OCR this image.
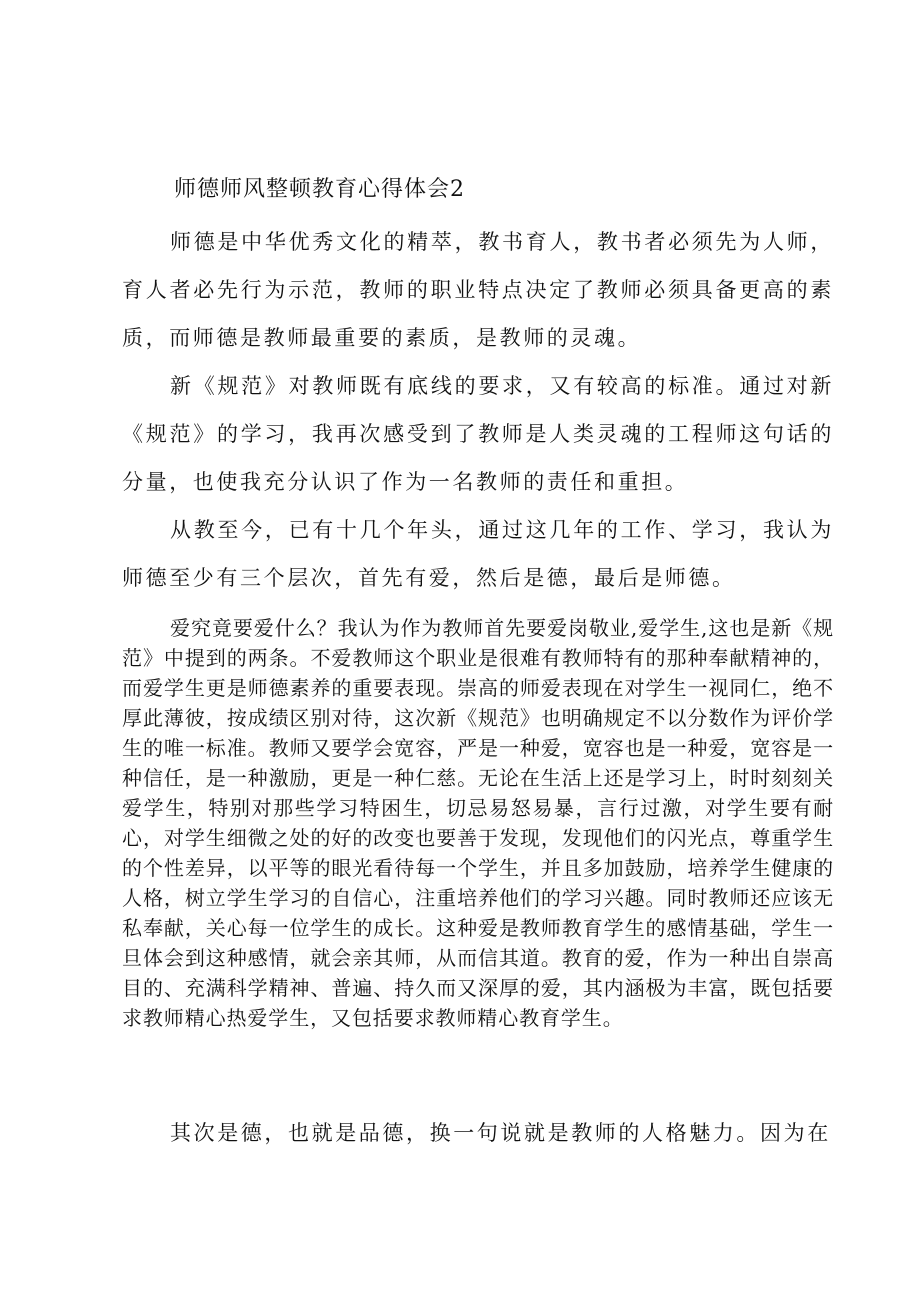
师德师风整顿教育心得体会2

师德是中华优秀文化的精萃，教书育人，教书者必须先为人师，育人者必先行为示范，教师的职业特点决定了教师必须具备更高的素质，而师德是教师最重要的素质，是教师的灵魂。

新《规范》对教师既有底线的要求，又有较高的标准。通过对新《规范》的学习，我再次感受到了教师是人类灵魂的工程师这句话的分量，也使我充分认识了作为一名教师的责任和重担。

从教至今，已有十几个年头，通过这几年的工作、学习，我认为师德至少有三个层次，首先有爱，然后是德，最后是师德。

爱究竟要爱什么？我认为作为教师首先要爱岗敬业,爱学生,这也是新《规范》中提到的两条。不爱教师这个职业是很难有教师特有的那种奉献精神的，而爱学生更是师德素养的重要表现。崇高的师爱表现在对学生一视同仁，绝不厚此薄彼，按成绩区别对待，这次新《规范》也明确规定不以分数作为评价学生的唯一标准。教师又要学会宽容，严是一种爱，宽容也是一种爱，宽容是一种信任，是一种激励，更是一种仁慈。无论在生活上还是学习上，时时刻刻关爱学生，特别对那些学习特困生，切忌易怒易暴，言行过激，对学生要有耐心，对学生细微之处的好的改变也要善于发现，发现他们的闪光点，尊重学生的个性差异，以平等的眼光看待每一个学生，并且多加鼓励，培养学生健康的人格，树立学生学习的自信心，注重培养他们的学习兴趣。同时教师还应该无私奉献，关心每一位学生的成长。这种爱是教师教育学生的感情基础，学生一旦体会到这种感情，就会亲其师，从而信其道。教育的爱，作为一种出自崇高目的、充满科学精神、普遍、持久而又深厚的爱，其内涵极为丰富，既包括要求教师精心热爱学生，又包括要求教师精心教育学生。

其次是德，也就是品德，换一句说就是教师的人格魅力。因为在
